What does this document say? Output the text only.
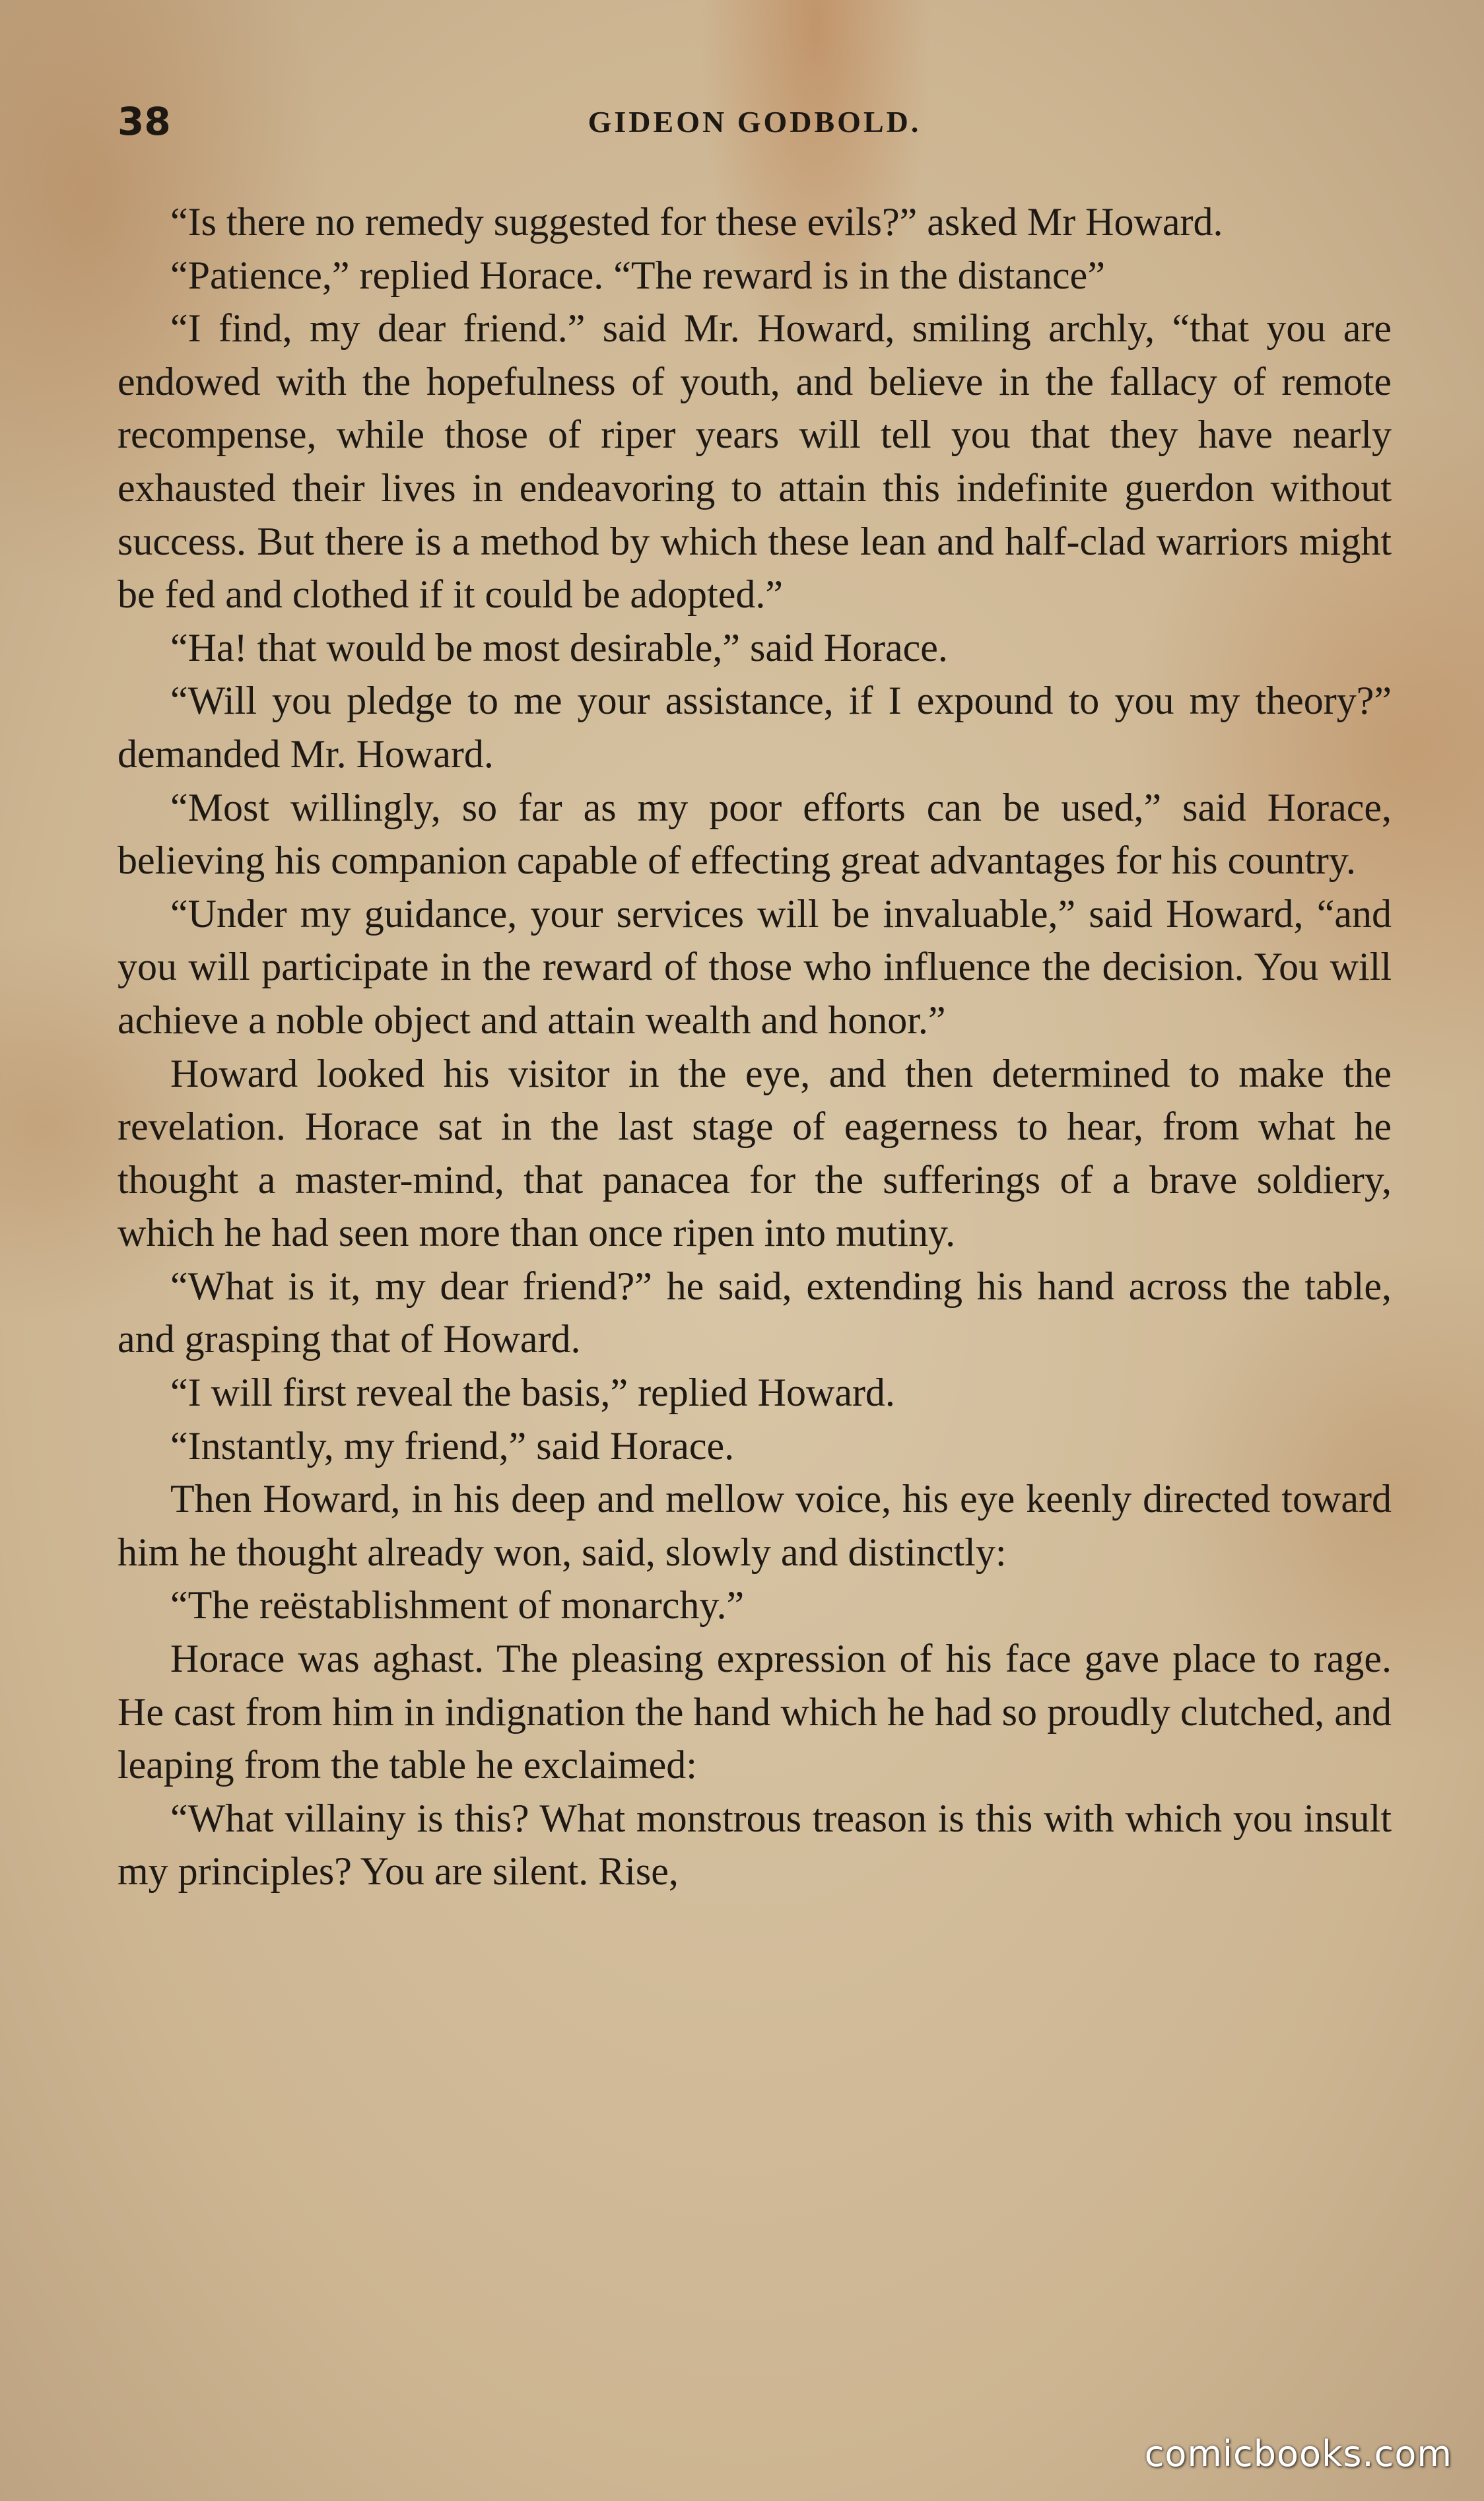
38	GIDEON GODBOLD.

“Is there no remedy suggested for these evils?” asked Mr Howard.

“Patience,” replied Horace. “The reward is in the distance”

“I find, my dear friend.” said Mr. Howard, smiling archly, “that you are endowed with the hopefulness of youth, and believe in the fallacy of remote recompense, while those of riper years will tell you that they have nearly exhausted their lives in endeavoring to attain this indefinite guerdon without success. But there is a method by which these lean and half-clad warriors might be fed and clothed if it could be adopted.”

“Ha! that would be most desirable,” said Horace.

“Will you pledge to me your assistance, if I expound to you my theory?” demanded Mr. Howard.

“Most willingly, so far as my poor efforts can be used,” said Horace, believing his companion capable of effecting great advantages for his country.

“Under my guidance, your services will be invaluable,” said Howard, “and you will participate in the reward of those who influence the decision. You will achieve a noble object and attain wealth and honor.”

Howard looked his visitor in the eye, and then determined to make the revelation. Horace sat in the last stage of eagerness to hear, from what he thought a master-mind, that panacea for the sufferings of a brave soldiery, which he had seen more than once ripen into mutiny.

“What is it, my dear friend?” he said, extending his hand across the table, and grasping that of Howard.

“I will first reveal the basis,” replied Howard.

“Instantly, my friend,” said Horace.

Then Howard, in his deep and mellow voice, his eye keenly directed toward him he thought already won, said, slowly and distinctly:

“The reëstablishment of monarchy.”

Horace was aghast. The pleasing expression of his face gave place to rage. He cast from him in indignation the hand which he had so proudly clutched, and leaping from the table he exclaimed:

“What villainy is this? What monstrous treason is this with which you insult my principles? You are silent. Rise,

comicbooks.com
